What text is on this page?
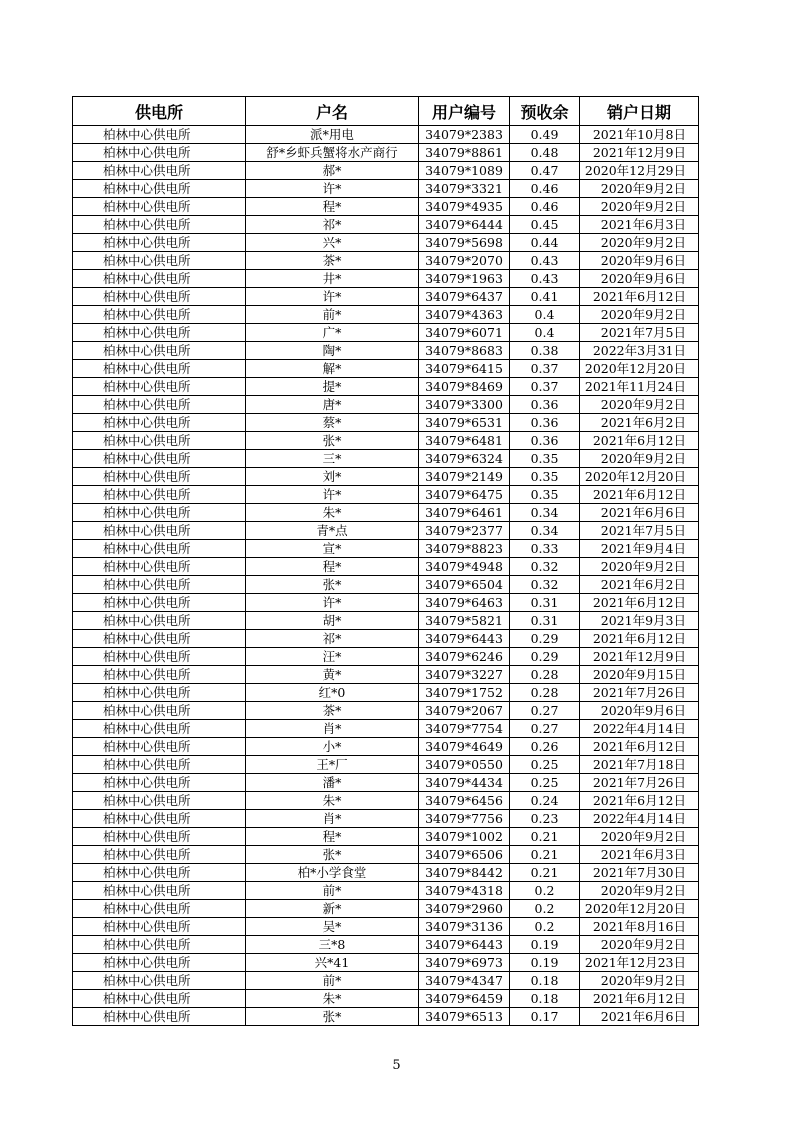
供电所	户名	用户编号	预收余	销户日期
柏林中心供电所	派*用电	34079*2383	0.49	2021年10月8日
柏林中心供电所	舒*乡虾兵蟹将水产商行	34079*8861	0.48	2021年12月9日
柏林中心供电所	郝*	34079*1089	0.47	2020年12月29日
柏林中心供电所	许*	34079*3321	0.46	2020年9月2日
柏林中心供电所	程*	34079*4935	0.46	2020年9月2日
柏林中心供电所	祁*	34079*6444	0.45	2021年6月3日
柏林中心供电所	兴*	34079*5698	0.44	2020年9月2日
柏林中心供电所	茶*	34079*2070	0.43	2020年9月6日
柏林中心供电所	井*	34079*1963	0.43	2020年9月6日
柏林中心供电所	许*	34079*6437	0.41	2021年6月12日
柏林中心供电所	前*	34079*4363	0.4	2020年9月2日
柏林中心供电所	广*	34079*6071	0.4	2021年7月5日
柏林中心供电所	陶*	34079*8683	0.38	2022年3月31日
柏林中心供电所	解*	34079*6415	0.37	2020年12月20日
柏林中心供电所	提*	34079*8469	0.37	2021年11月24日
柏林中心供电所	唐*	34079*3300	0.36	2020年9月2日
柏林中心供电所	蔡*	34079*6531	0.36	2021年6月2日
柏林中心供电所	张*	34079*6481	0.36	2021年6月12日
柏林中心供电所	三*	34079*6324	0.35	2020年9月2日
柏林中心供电所	刘*	34079*2149	0.35	2020年12月20日
柏林中心供电所	许*	34079*6475	0.35	2021年6月12日
柏林中心供电所	朱*	34079*6461	0.34	2021年6月6日
柏林中心供电所	青*点	34079*2377	0.34	2021年7月5日
柏林中心供电所	宣*	34079*8823	0.33	2021年9月4日
柏林中心供电所	程*	34079*4948	0.32	2020年9月2日
柏林中心供电所	张*	34079*6504	0.32	2021年6月2日
柏林中心供电所	许*	34079*6463	0.31	2021年6月12日
柏林中心供电所	胡*	34079*5821	0.31	2021年9月3日
柏林中心供电所	祁*	34079*6443	0.29	2021年6月12日
柏林中心供电所	汪*	34079*6246	0.29	2021年12月9日
柏林中心供电所	黄*	34079*3227	0.28	2020年9月15日
柏林中心供电所	红*0	34079*1752	0.28	2021年7月26日
柏林中心供电所	茶*	34079*2067	0.27	2020年9月6日
柏林中心供电所	肖*	34079*7754	0.27	2022年4月14日
柏林中心供电所	小*	34079*4649	0.26	2021年6月12日
柏林中心供电所	王*厂	34079*0550	0.25	2021年7月18日
柏林中心供电所	潘*	34079*4434	0.25	2021年7月26日
柏林中心供电所	朱*	34079*6456	0.24	2021年6月12日
柏林中心供电所	肖*	34079*7756	0.23	2022年4月14日
柏林中心供电所	程*	34079*1002	0.21	2020年9月2日
柏林中心供电所	张*	34079*6506	0.21	2021年6月3日
柏林中心供电所	柏*小学食堂	34079*8442	0.21	2021年7月30日
柏林中心供电所	前*	34079*4318	0.2	2020年9月2日
柏林中心供电所	新*	34079*2960	0.2	2020年12月20日
柏林中心供电所	吴*	34079*3136	0.2	2021年8月16日
柏林中心供电所	三*8	34079*6443	0.19	2020年9月2日
柏林中心供电所	兴*41	34079*6973	0.19	2021年12月23日
柏林中心供电所	前*	34079*4347	0.18	2020年9月2日
柏林中心供电所	朱*	34079*6459	0.18	2021年6月12日
柏林中心供电所	张*	34079*6513	0.17	2021年6月6日
5
